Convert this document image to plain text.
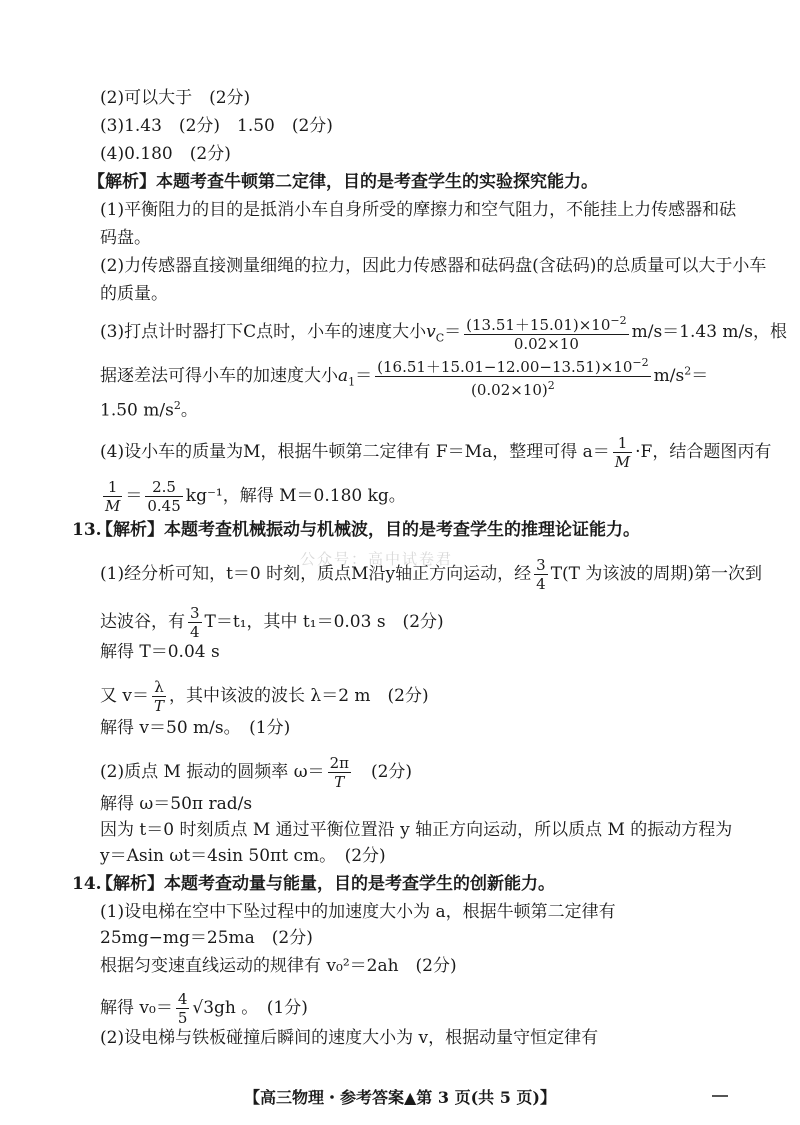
(2)可以大于　(2分)
(3)1.43　(2分)　1.50　(2分)
(4)0.180　(2分)
【解析】本题考查牛顿第二定律，目的是考查学生的实验探究能力。
(1)平衡阻力的目的是抵消小车自身所受的摩擦力和空气阻力，不能挂上力传感器和砝
码盘。
(2)力传感器直接测量细绳的拉力，因此力传感器和砝码盘(含砝码)的总质量可以大于小车
的质量。
(3)打点计时器打下C点时，小车的速度大小$v_C= \frac{(13.51+15.01)\times 10^{-2}}{0.02\times 10} m/s=1.43$ m/s，根
据逐差法可得小车的加速度大小$a_1= \frac{(16.51+15.01-12.00-13.51)\times 10^{-2}}{(0.02\times 10)^2} m/s^2=$
1.50 $m/s^2$。
(4)设小车的质量为M，根据牛顿第二定律有 F＝Ma，整理可得 $a= \frac{1}{M} \cdot F$，结合题图丙有
$\frac{1}{M} = \frac{2.5}{0.45} kg^{-1}$，解得 M＝0.180 kg。
13.
【解析】本题考查机械振动与机械波，目的是考查学生的推理论证能力。
公众号：高中试卷君
(1)经分析可知，t＝0 时刻，质点M沿y轴正方向运动，经 $\frac{3}{4} T(T$ 为该波的周期)第一次到
达波谷，有 $\frac{3}{4} T=t_1$，其中 t₁＝0.03 s　(2分)
解得 T＝0.04 s
又 $v= \frac{\lambda}{T}$ ，其中该波的波长 λ＝2 m　(2分)
解得 v＝50 m/s。　(1分)
(2)质点 M 振动的圆频率 $\omega= \frac{2\pi}{T}$ 　(2分)
解得 ω＝50π rad/s
因为 t＝0 时刻质点 M 通过平衡位置沿 y 轴正方向运动，所以质点 M 的振动方程为
y＝Asin ωt＝4sin 50πt cm。　(2分)
14.
【解析】本题考查动量与能量，目的是考查学生的创新能力。
(1)设电梯在空中下坠过程中的加速度大小为 a，根据牛顿第二定律有
25mg−mg＝25ma　(2分)
根据匀变速直线运动的规律有 v₀²＝2ah　(2分)
解得 $v_0= \frac{4}{5} √3gh$ 。　(1分)
(2)设电梯与铁板碰撞后瞬间的速度大小为 v，根据动量守恒定律有
【高三物理・参考答案▲第 3 页(共 5 页)】
